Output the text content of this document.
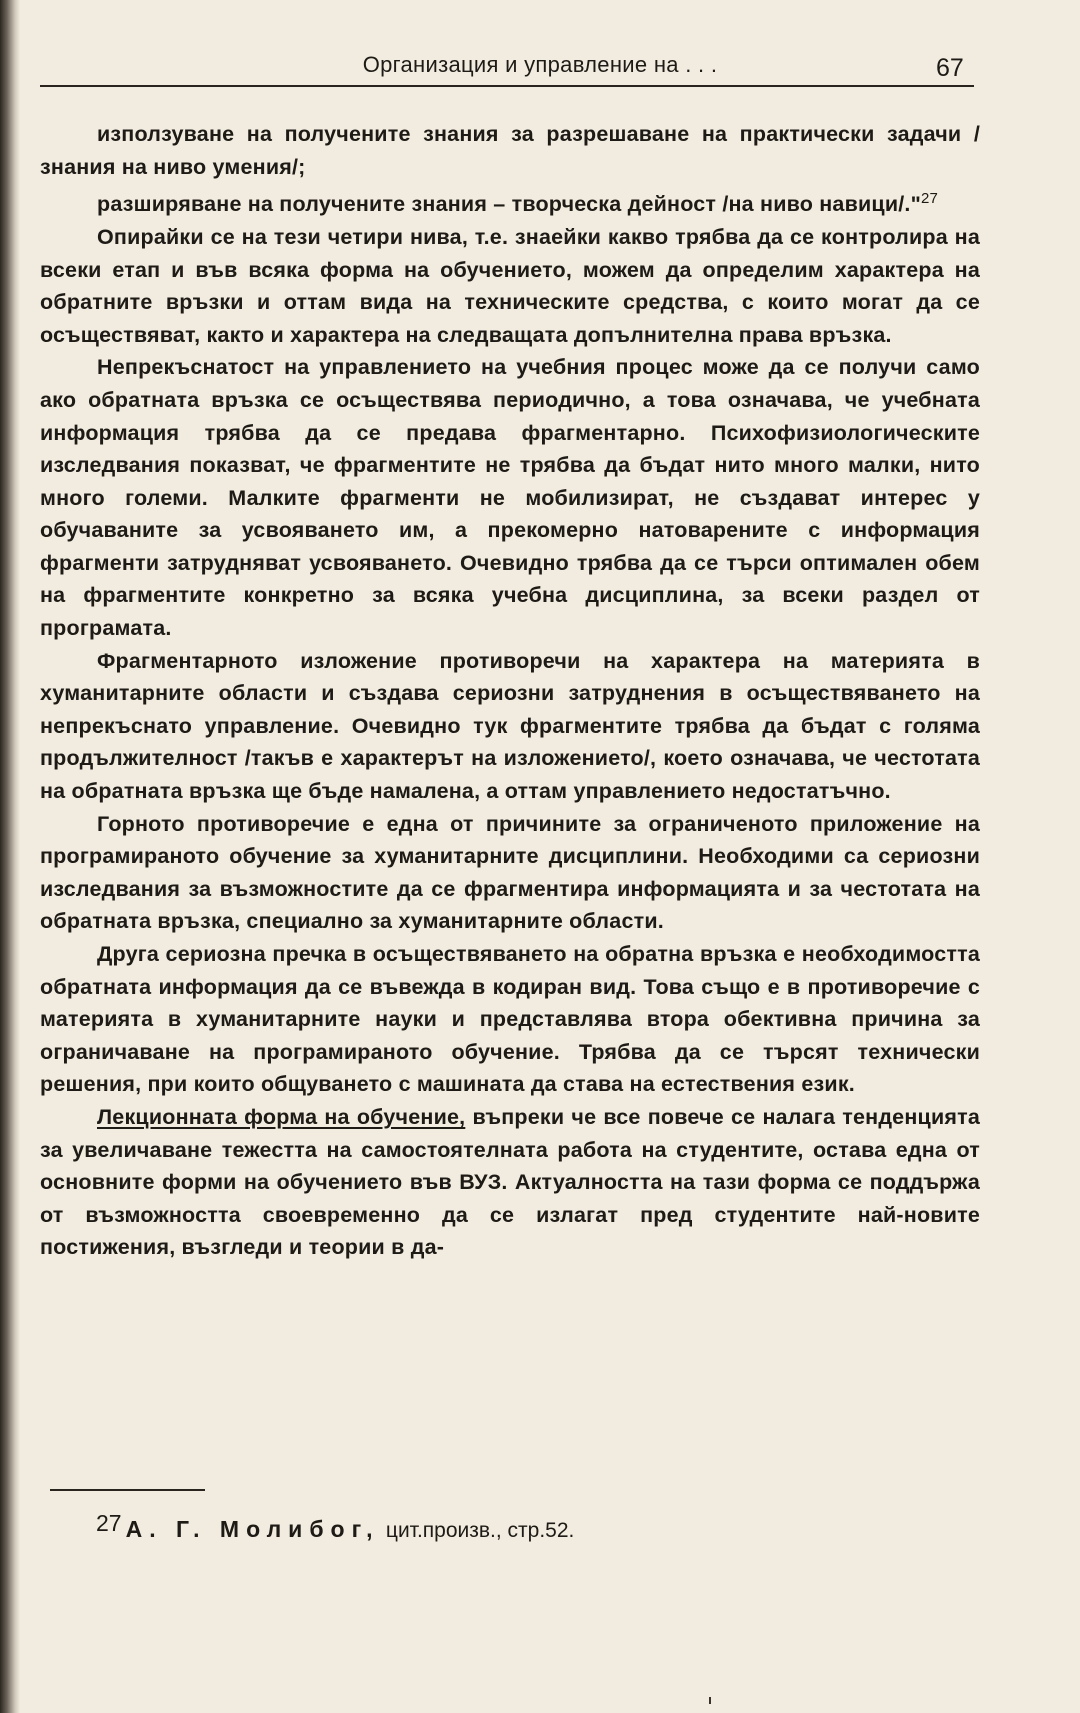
Организация и управление на . . .	67

използуване на получените знания за разрешаване на практически задачи /знания на ниво умения/;

разширяване на получените знания – творческа дейност /на ниво навици/."$^{27}$

Опирайки се на тези четири нива, т.е. знаейки какво трябва да се контролира на всеки етап и във всяка форма на обучението, можем да определим характера на обратните връзки и оттам вида на техническите средства, с които могат да се осъществяват, както и характера на следващата допълнителна права връзка.

Непрекъснатост на управлението на учебния процес може да се получи само ако обратната връзка се осъществява периодично, а това означава, че учебната информация трябва да се предава фрагментарно. Психофизиологическите изследвания показват, че фрагментите не трябва да бъдат нито много малки, нито много големи. Малките фрагменти не мобилизират, не създават интерес у обучаваните за усвояването им, а прекомерно натоварените с информация фрагменти затрудняват усвояването. Очевидно трябва да се търси оптимален обем на фрагментите конкретно за всяка учебна дисциплина, за всеки раздел от програмата.

Фрагментарното изложение противоречи на характера на материята в хуманитарните области и създава сериозни затруднения в осъществяването на непрекъснато управление. Очевидно тук фрагментите трябва да бъдат с голяма продължителност /такъв е характерът на изложението/, което означава, че честотата на обратната връзка ще бъде намалена, а оттам управлението недостатъчно.

Горното противоречие е една от причините за ограниченото приложение на програмираното обучение за хуманитарните дисциплини. Необходими са сериозни изследвания за възможностите да се фрагментира информацията и за честотата на обратната връзка, специално за хуманитарните области.

Друга сериозна пречка в осъществяването на обратна връзка е необходимостта обратната информация да се въвежда в кодиран вид. Това също е в противоречие с материята в хуманитарните науки и представлява втора обективна причина за ограничаване на програмираното обучение. Трябва да се търсят технически решения, при които общуването с машината да става на естествения език.

Лекционната форма на обучение, въпреки че все повече се налага тенденцията за увеличаване тежестта на самостоятелната работа на студентите, остава една от основните форми на обучението във ВУЗ. Актуалността на тази форма се поддържа от възможността своевременно да се излагат пред студентите най-новите постижения, възгледи и теории в да-

27 А. Г. Молибог, цит.произв., стр.52.
